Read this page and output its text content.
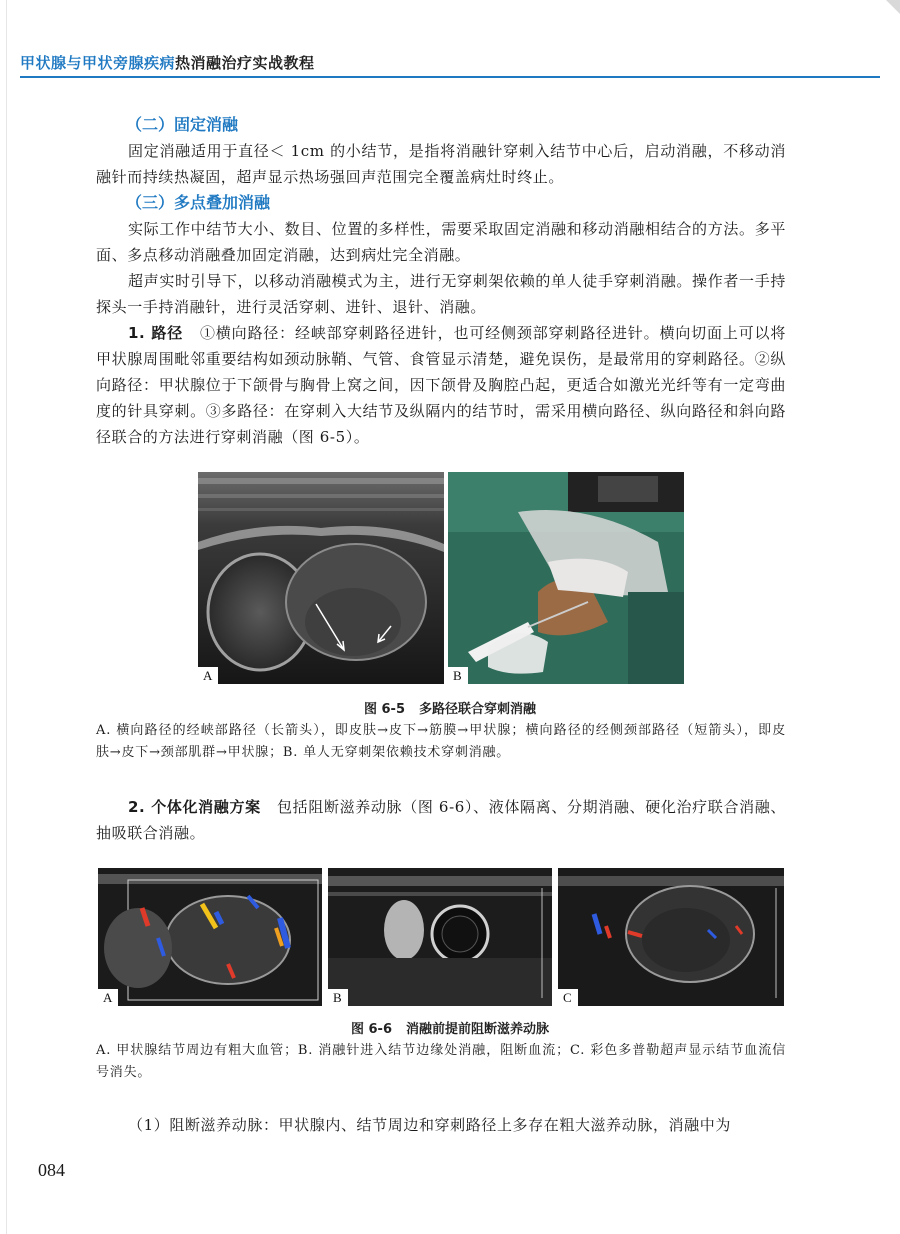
甲状腺与甲状旁腺疾病热消融治疗实战教程
（二）固定消融

固定消融适用于直径＜ 1cm 的小结节，是指将消融针穿刺入结节中心后，启动消融，不移动消融针而持续热凝固，超声显示热场强回声范围完全覆盖病灶时终止。

（三）多点叠加消融

实际工作中结节大小、数目、位置的多样性，需要采取固定消融和移动消融相结合的方法。多平面、多点移动消融叠加固定消融，达到病灶完全消融。

超声实时引导下，以移动消融模式为主，进行无穿刺架依赖的单人徒手穿刺消融。操作者一手持探头一手持消融针，进行灵活穿刺、进针、退针、消融。

1. 路径 ①横向路径：经峡部穿刺路径进针，也可经侧颈部穿刺路径进针。横向切面上可以将甲状腺周围毗邻重要结构如颈动脉鞘、气管、食管显示清楚，避免误伤，是最常用的穿刺路径。②纵向路径：甲状腺位于下颌骨与胸骨上窝之间，因下颌骨及胸腔凸起，更适合如激光光纤等有一定弯曲度的针具穿刺。③多路径：在穿刺入大结节及纵隔内的结节时，需采用横向路径、纵向路径和斜向路径联合的方法进行穿刺消融（图 6-5）。

A	B
图 6-5 多路径联合穿刺消融
A. 横向路径的经峡部路径（长箭头），即皮肤→皮下→筋膜→甲状腺；横向路径的经侧颈部路径（短箭头），即皮肤→皮下→颈部肌群→甲状腺；B. 单人无穿刺架依赖技术穿刺消融。

2. 个体化消融方案 包括阻断滋养动脉（图 6-6）、液体隔离、分期消融、硬化治疗联合消融、抽吸联合消融。

A	B	C
图 6-6 消融前提前阻断滋养动脉
A. 甲状腺结节周边有粗大血管；B. 消融针进入结节边缘处消融，阻断血流；C. 彩色多普勒超声显示结节血流信号消失。

（1）阻断滋养动脉：甲状腺内、结节周边和穿刺路径上多存在粗大滋养动脉，消融中为

084
